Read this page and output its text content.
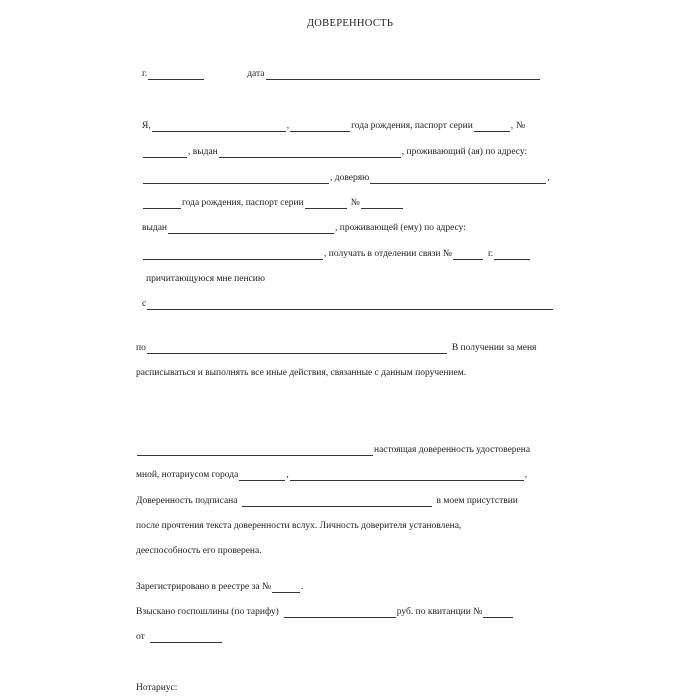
ДОВЕРЕННОСТЬ
г.	дата
Я,	,	года рождения, паспорт серии	, №
, выдан	, проживающий (ая) по адресу:
, доверяю	,
года рождения, паспорт серии	№
выдан	, проживающей (ему) по адресу:
, получать в отделении связи №	г.
причитающуюся мне пенсию
с
по	В получении за меня
расписываться и выполнять все иные действия, связанные с данным поручением.
настоящая доверенность удостоверена
мной, нотариусом города	,	,
Доверенность подписана	в моем присутствии
после прочтения текста доверенности вслух. Личность доверителя установлена,
дееспособность его проверена.
Зарегистрировано в реестре за №	.
Взыскано госпошлины (по тарифу)	руб. по квитанции №
от
Нотариус:
